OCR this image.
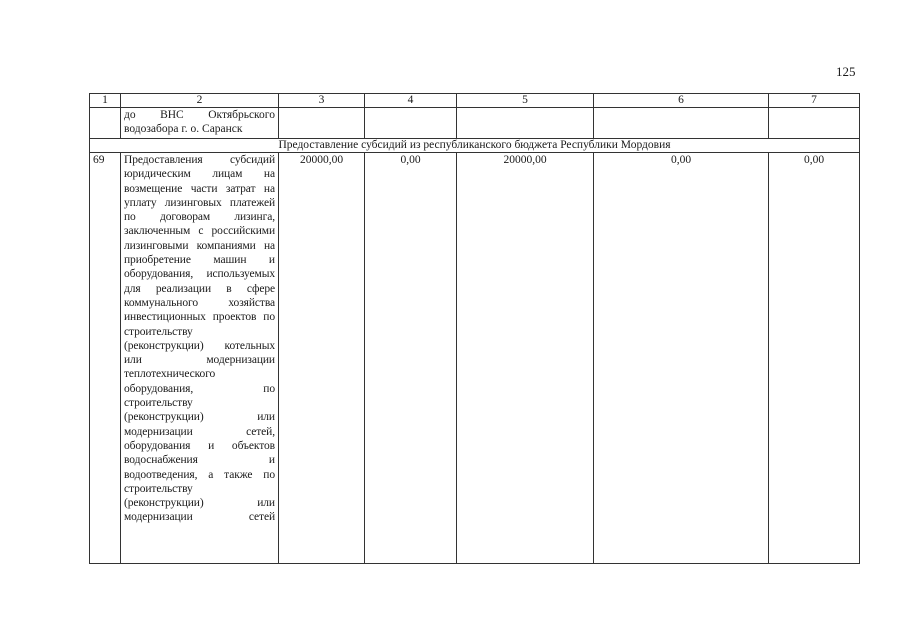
125
1	2	3	4	5	6	7

	до ВНС Октябрьского водозабора г. о. Саранск					

Предоставление субсидий из республиканского бюджета Республики Мордовия						
69	Предоставления субсидий юридическим лицам на возмещение части затрат на уплату лизинговых платежей по договорам лизинга, заключенным с российскими лизинговыми компаниями на приобретение машин и оборудования, используемых для реализации в сфере коммунального хозяйства инвестиционных проектов по строительству (реконструкции) котельных или модернизации теплотехнического оборудования, по строительству (реконструкции) или модернизации сетей, оборудования и объектов водоснабжения и водоотведения, а также по строительству (реконструкции) или модернизации сетей	20000,00	0,00	20000,00	0,00	0,00
